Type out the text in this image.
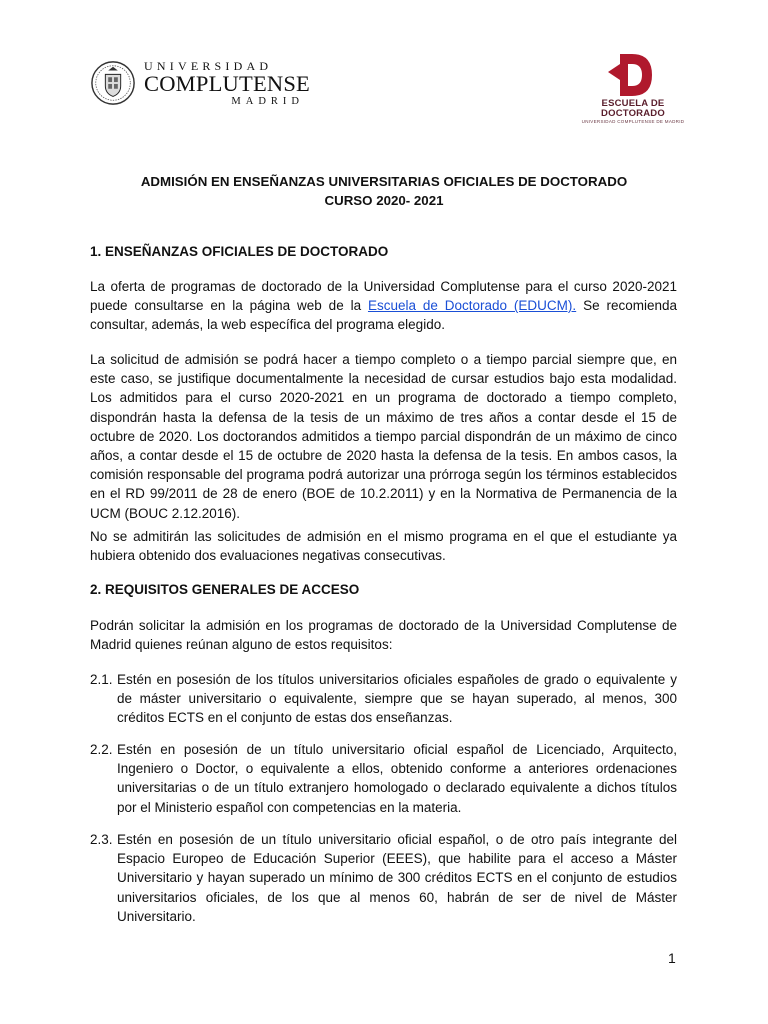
UNIVERSIDAD
COMPLUTENSE
MADRID	ESCUELA DE
DOCTORADO
UNIVERSIDAD COMPLUTENSE DE MADRID
ADMISIÓN EN ENSEÑANZAS UNIVERSITARIAS OFICIALES DE DOCTORADO
CURSO 2020- 2021
1. ENSEÑANZAS OFICIALES DE DOCTORADO
La oferta de programas de doctorado de la Universidad Complutense para el curso 2020-2021 puede consultarse en la página web de la Escuela de Doctorado (EDUCM). Se recomienda consultar, además, la web específica del programa elegido.
La solicitud de admisión se podrá hacer a tiempo completo o a tiempo parcial siempre que, en este caso, se justifique documentalmente la necesidad de cursar estudios bajo esta modalidad. Los admitidos para el curso 2020-2021 en un programa de doctorado a tiempo completo, dispondrán hasta la defensa de la tesis de un máximo de tres años a contar desde el 15 de octubre de 2020. Los doctorandos admitidos a tiempo parcial dispondrán de un máximo de cinco años, a contar desde el 15 de octubre de 2020 hasta la defensa de la tesis. En ambos casos, la comisión responsable del programa podrá autorizar una prórroga según los términos establecidos en el RD 99/2011 de 28 de enero (BOE de 10.2.2011) y en la Normativa de Permanencia de la UCM (BOUC 2.12.2016).
No se admitirán las solicitudes de admisión en el mismo programa en el que el estudiante ya hubiera obtenido dos evaluaciones negativas consecutivas.
2. REQUISITOS GENERALES DE ACCESO
Podrán solicitar la admisión en los programas de doctorado de la Universidad Complutense de Madrid quienes reúnan alguno de estos requisitos:
2.1. Estén en posesión de los títulos universitarios oficiales españoles de grado o equivalente y de máster universitario o equivalente, siempre que se hayan superado, al menos, 300 créditos ECTS en el conjunto de estas dos enseñanzas.
2.2. Estén en posesión de un título universitario oficial español de Licenciado, Arquitecto, Ingeniero o Doctor, o equivalente a ellos, obtenido conforme a anteriores ordenaciones universitarias o de un título extranjero homologado o declarado equivalente a dichos títulos por el Ministerio español con competencias en la materia.
2.3. Estén en posesión de un título universitario oficial español, o de otro país integrante del Espacio Europeo de Educación Superior (EEES), que habilite para el acceso a Máster Universitario y hayan superado un mínimo de 300 créditos ECTS en el conjunto de estudios universitarios oficiales, de los que al menos 60, habrán de ser de nivel de Máster Universitario.
1
